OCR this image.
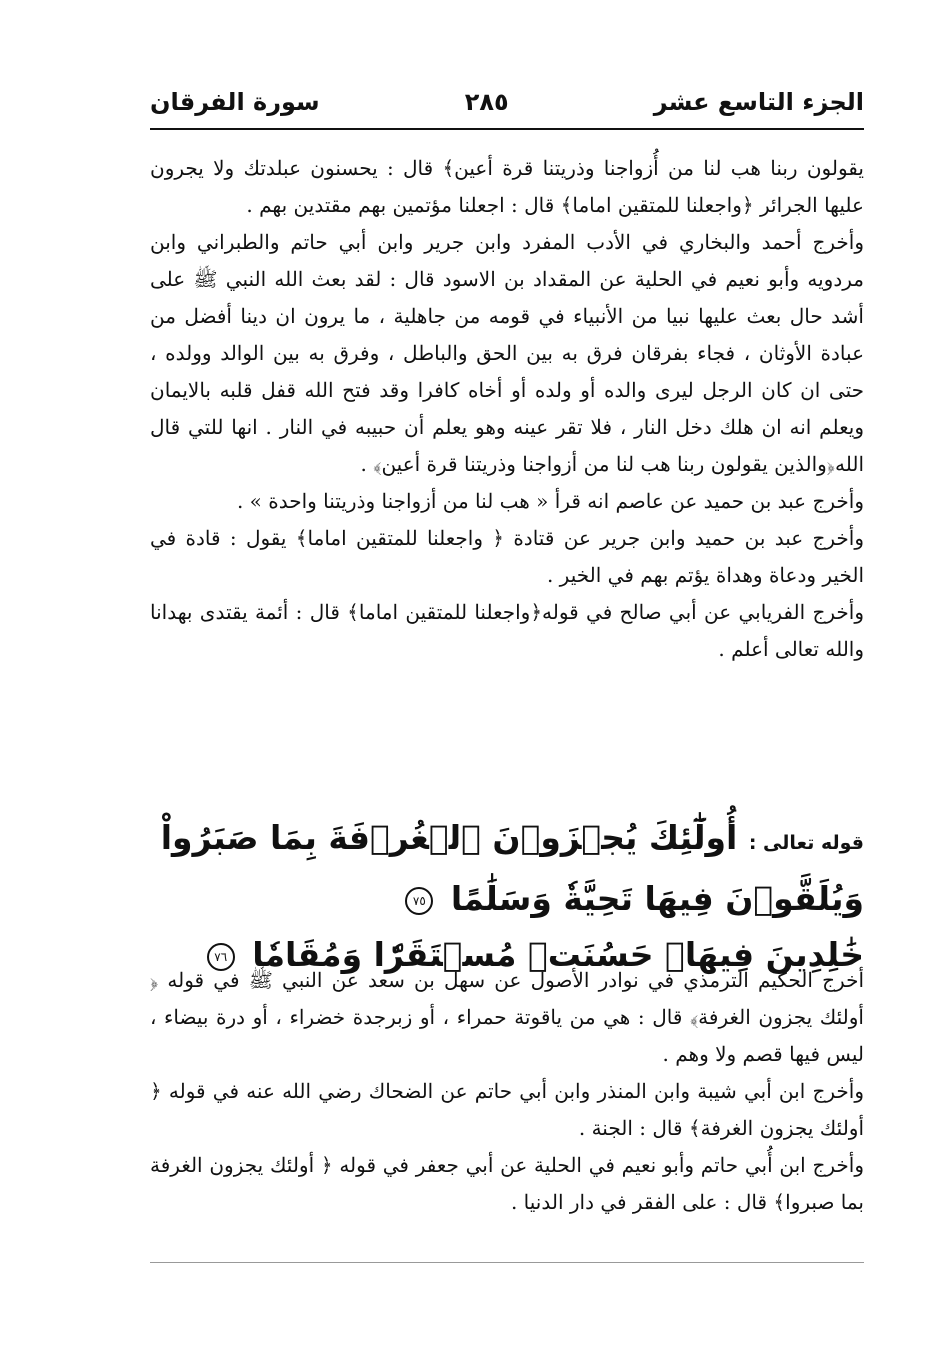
الجزء التاسع عشر
٢٨٥
سورة الفرقان

يقولون ربنا هب لنا من أُزواجنا وذريتنا قرة أعين﴾ قال : يحسنون عبلدتك ولا يجرون عليها الجرائر ﴿واجعلنا للمتقين اماما﴾ قال : اجعلنا مؤتمين بهم مقتدين بهم .

وأخرج أحمد والبخاري في الأدب المفرد وابن جرير وابن أبي حاتم والطبراني وابن مردويه وأبو نعيم في الحلية عن المقداد بن الاسود قال : لقد بعث الله النبي ﷺ على أشد حال بعث عليها نبيا من الأنبياء في قومه من جاهلية ، ما يرون ان دينا أفضل من عبادة الأوثان ، فجاء بفرقان فرق به بين الحق والباطل ، وفرق به بين الوالد وولده ، حتى ان كان الرجل ليرى والده أو ولده أو أخاه كافرا وقد فتح الله قفل قلبه بالايمان ويعلم انه ان هلك دخل النار ، فلا تقر عينه وهو يعلم أن حبيبه في النار . انها للتي قال الله﴿والذين يقولون ربنا هب لنا من أزواجنا وذريتنا قرة أعين﴾ .

وأخرج عبد بن حميد عن عاصم انه قرأ « هب لنا من أزواجنا وذريتنا واحدة » .

وأخرج عبد بن حميد وابن جرير عن قتادة ﴿ واجعلنا للمتقين اماما﴾ يقول : قادة في الخير ودعاة وهداة يؤتم بهم في الخير .

وأخرج الفريابي عن أبي صالح في قوله﴿واجعلنا للمتقين اماما﴾ قال : أئمة يقتدى بهدانا والله تعالى أعلم .

قوله تعالى : أُولَٰٓئِكَ يُجۡزَوۡنَ ٱلۡغُرۡفَةَ بِمَا صَبَرُواْ وَيُلَقَّوۡنَ فِيهَا تَحِيَّةٗ وَسَلَٰمًا ٧٥
خَٰلِدِينَ فِيهَاۚ حَسُنَتۡ مُسۡتَقَرّٗا وَمُقَامٗا ٧٦

أخرج الحكيم الترمذي في نوادر الأصول عن سهل بن سعد عن النبي ﷺ في قوله ﴿ أولئك يجزون الغرفة﴾ قال : هي من ياقوتة حمراء ، أو زبرجدة خضراء ، أو درة بيضاء ، ليس فيها قصم ولا وهم .

وأخرج ابن أبي شيبة وابن المنذر وابن أبي حاتم عن الضحاك رضي الله عنه في قوله ﴿ أولئك يجزون الغرفة﴾ قال : الجنة .

وأخرج ابن أُبي حاتم وأبو نعيم في الحلية عن أبي جعفر في قوله ﴿ أولئك يجزون الغرفة بما صبروا﴾ قال : على الفقر في دار الدنيا .
